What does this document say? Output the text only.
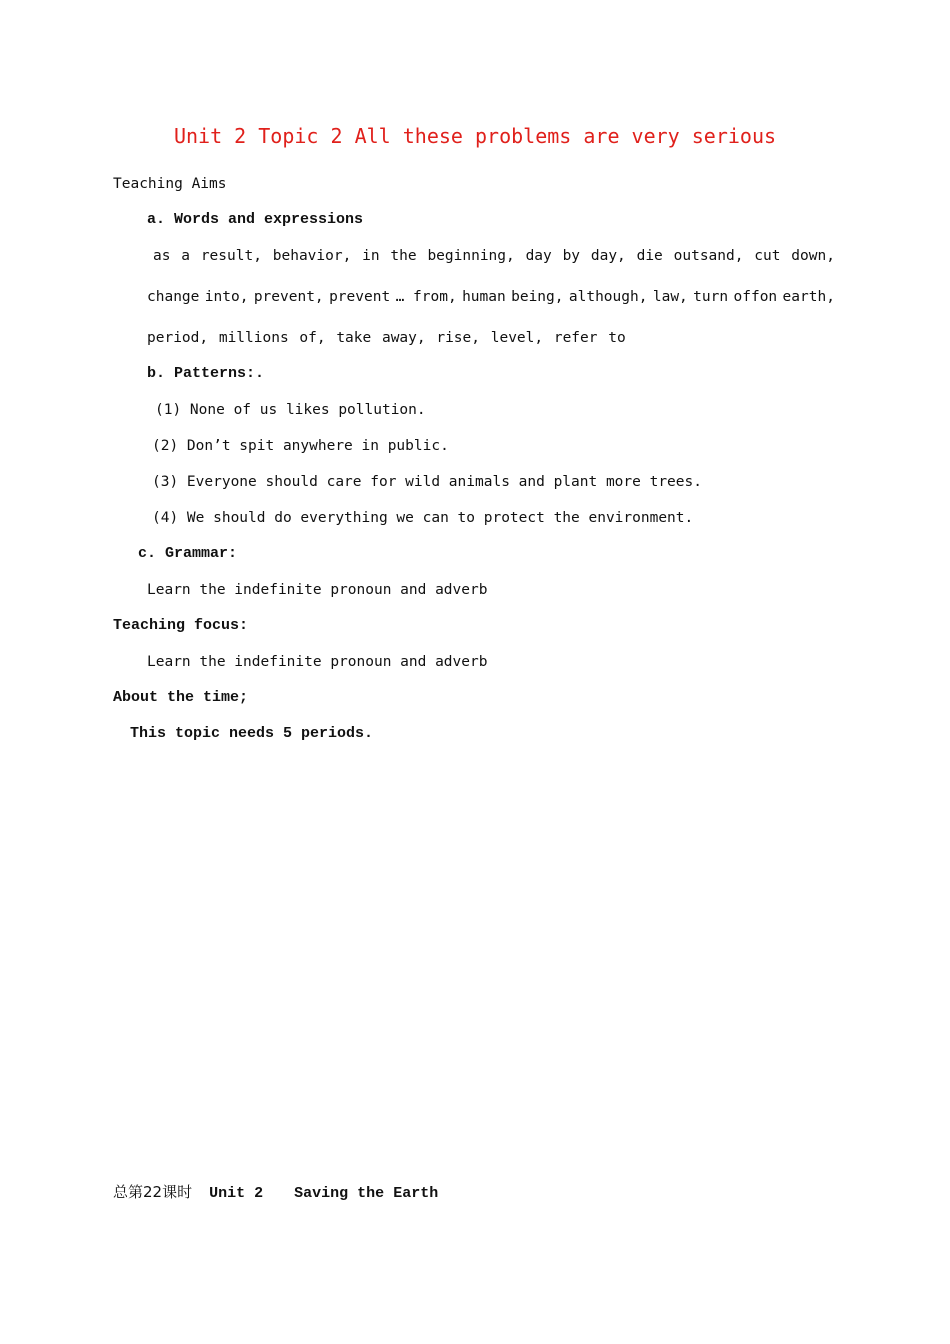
Unit 2 Topic 2 All these problems are very serious
Teaching Aims
a. Words and expressions
as a result, behavior, in the beginning, day by day, die outsand, cut down,
change into, prevent, prevent … from, human being, although, law, turn offon earth,
period, millions of, take away, rise, level, refer to
b. Patterns:.
(1) None of us likes pollution.
(2) Don’t spit anywhere in public.
(3) Everyone should care for wild animals and plant more trees.
(4) We should do everything we can to protect the environment.
c. Grammar:
Learn the indefinite pronoun and adverb
Teaching focus:
Learn the indefinite pronoun and adverb
About the time;
This topic needs 5 periods.
总第22课时 Unit 2 Saving the Earth
